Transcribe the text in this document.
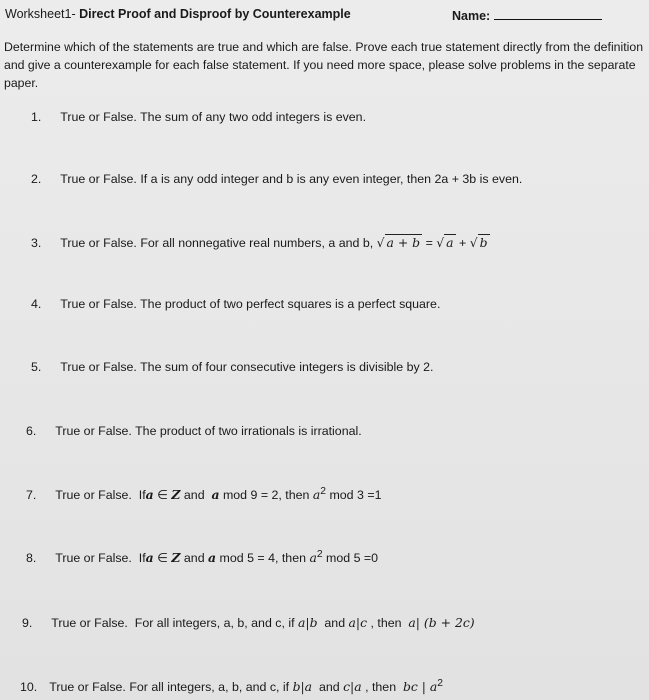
Worksheet1- Direct Proof and Disproof by Counterexample	Name:
Determine which of the statements are true and which are false. Prove each true statement directly from the definition and give a counterexample for each false statement. If you need more space, please solve problems in the separate paper.
1. True or False. The sum of any two odd integers is even.
2. True or False. If a is any odd integer and b is any even integer, then 2a + 3b is even.
3. True or False. For all nonnegative real numbers, a and b, √ a + b = √ a + √ b
4. True or False. The product of two perfect squares is a perfect square.
5. True or False. The sum of four consecutive integers is divisible by 2.
6. True or False. The product of two irrationals is irrational.
7. True or False. Ifa ∈ Z and a mod 9 = 2, then $a^2$ mod 3 =1
8. True or False. Ifa ∈ Z and a mod 5 = 4, then $a^2$ mod 5 =0
9. True or False. For all integers, a, b, and c, if a|b and a|c , then a| (b + 2c)
10. True or False. For all integers, a, b, and c, if b|a and c|a , then bc | $a^2$
